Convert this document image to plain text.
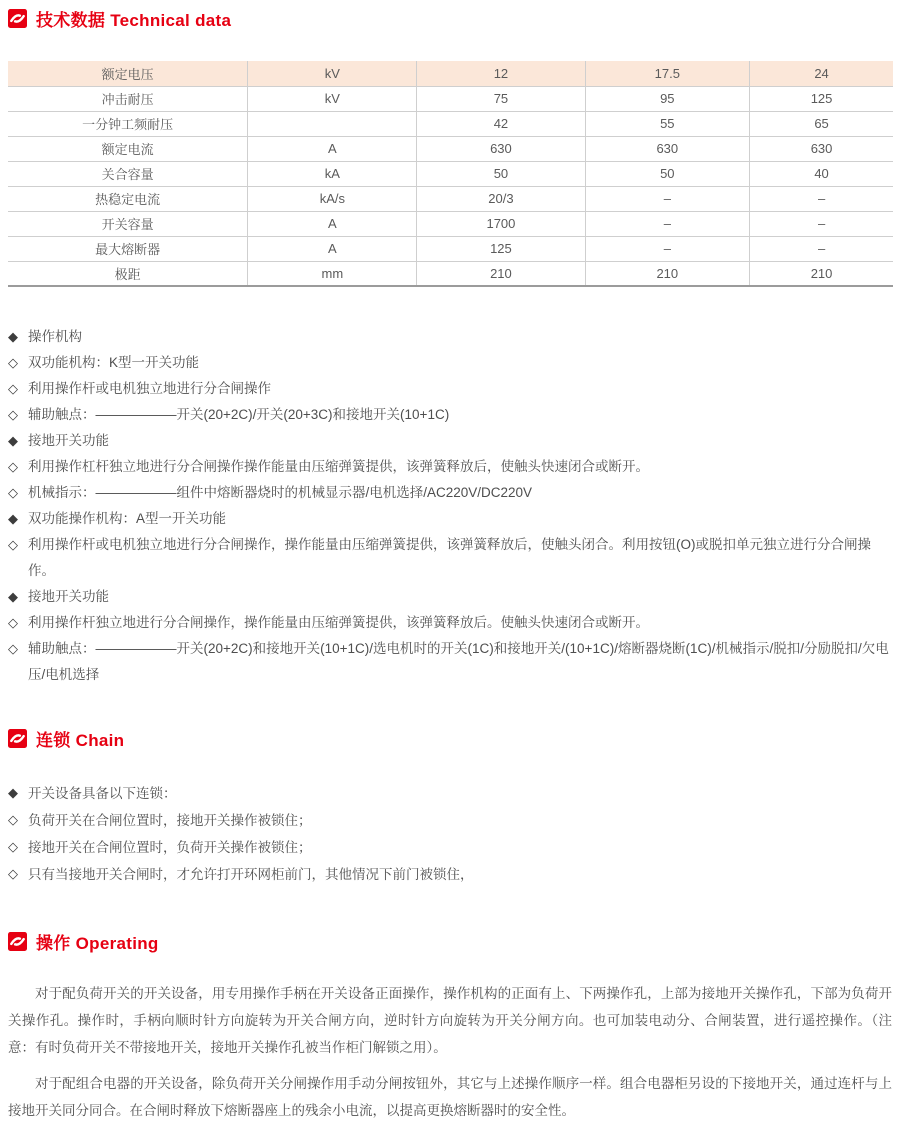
技术数据 Technical data
额定电压	kV	12	17.5	24
冲击耐压	kV	75	95	125
一分钟工频耐压		42	55	65
额定电流	A	630	630	630
关合容量	kA	50	50	40
热稳定电流	kA/s	20/3	–	–
开关容量	A	1700	–	–
最大熔断器	A	125	–	–
极距	mm	210	210	210
◆ 操作机构
◇ 双功能机构：K型一开关功能
◇ 利用操作杆或电机独立地进行分合闸操作
◇ 辅助触点：——————开关(20+2C)/开关(20+3C)和接地开关(10+1C)
◆ 接地开关功能
◇ 利用操作杠杆独立地进行分合闸操作操作能量由压缩弹簧提供，该弹簧释放后，使触头快速闭合或断开。
◇ 机械指示：——————组件中熔断器烧时的机械显示器/电机选择/AC220V/DC220V
◆ 双功能操作机构：A型一开关功能
◇ 利用操作杆或电机独立地进行分合闸操作，操作能量由压缩弹簧提供，该弹簧释放后，使触头闭合。利用按钮(O)或脱扣单元独立进行分合闸操作。
◆ 接地开关功能
◇ 利用操作杆独立地进行分合闸操作，操作能量由压缩弹簧提供，该弹簧释放后。使触头快速闭合或断开。
◇ 辅助触点：——————开关(20+2C)和接地开关(10+1C)/选电机时的开关(1C)和接地开关/(10+1C)/熔断器烧断(1C)/机械指示/脱扣/分励脱扣/欠电压/电机选择
连锁 Chain
◆ 开关设备具备以下连锁：
◇ 负荷开关在合闸位置时，接地开关操作被锁住；
◇ 接地开关在合闸位置时，负荷开关操作被锁住；
◇ 只有当接地开关合闸时，才允许打开环网柜前门，其他情况下前门被锁住，
操作 Operating

对于配负荷开关的开关设备，用专用操作手柄在开关设备正面操作，操作机构的正面有上、下两操作孔，上部为接地开关操作孔，下部为负荷开关操作孔。操作时，手柄向顺时针方向旋转为开关合闸方向，逆时针方向旋转为开关分闸方向。也可加装电动分、合闸装置，进行遥控操作。（注意：有时负荷开关不带接地开关，接地开关操作孔被当作柜门解锁之用）。

对于配组合电器的开关设备，除负荷开关分闸操作用手动分闸按钮外，其它与上述操作顺序一样。组合电器柜另设的下接地开关，通过连杆与上接地开关同分同合。在合闸时释放下熔断器座上的残余小电流，以提高更换熔断器时的安全性。
